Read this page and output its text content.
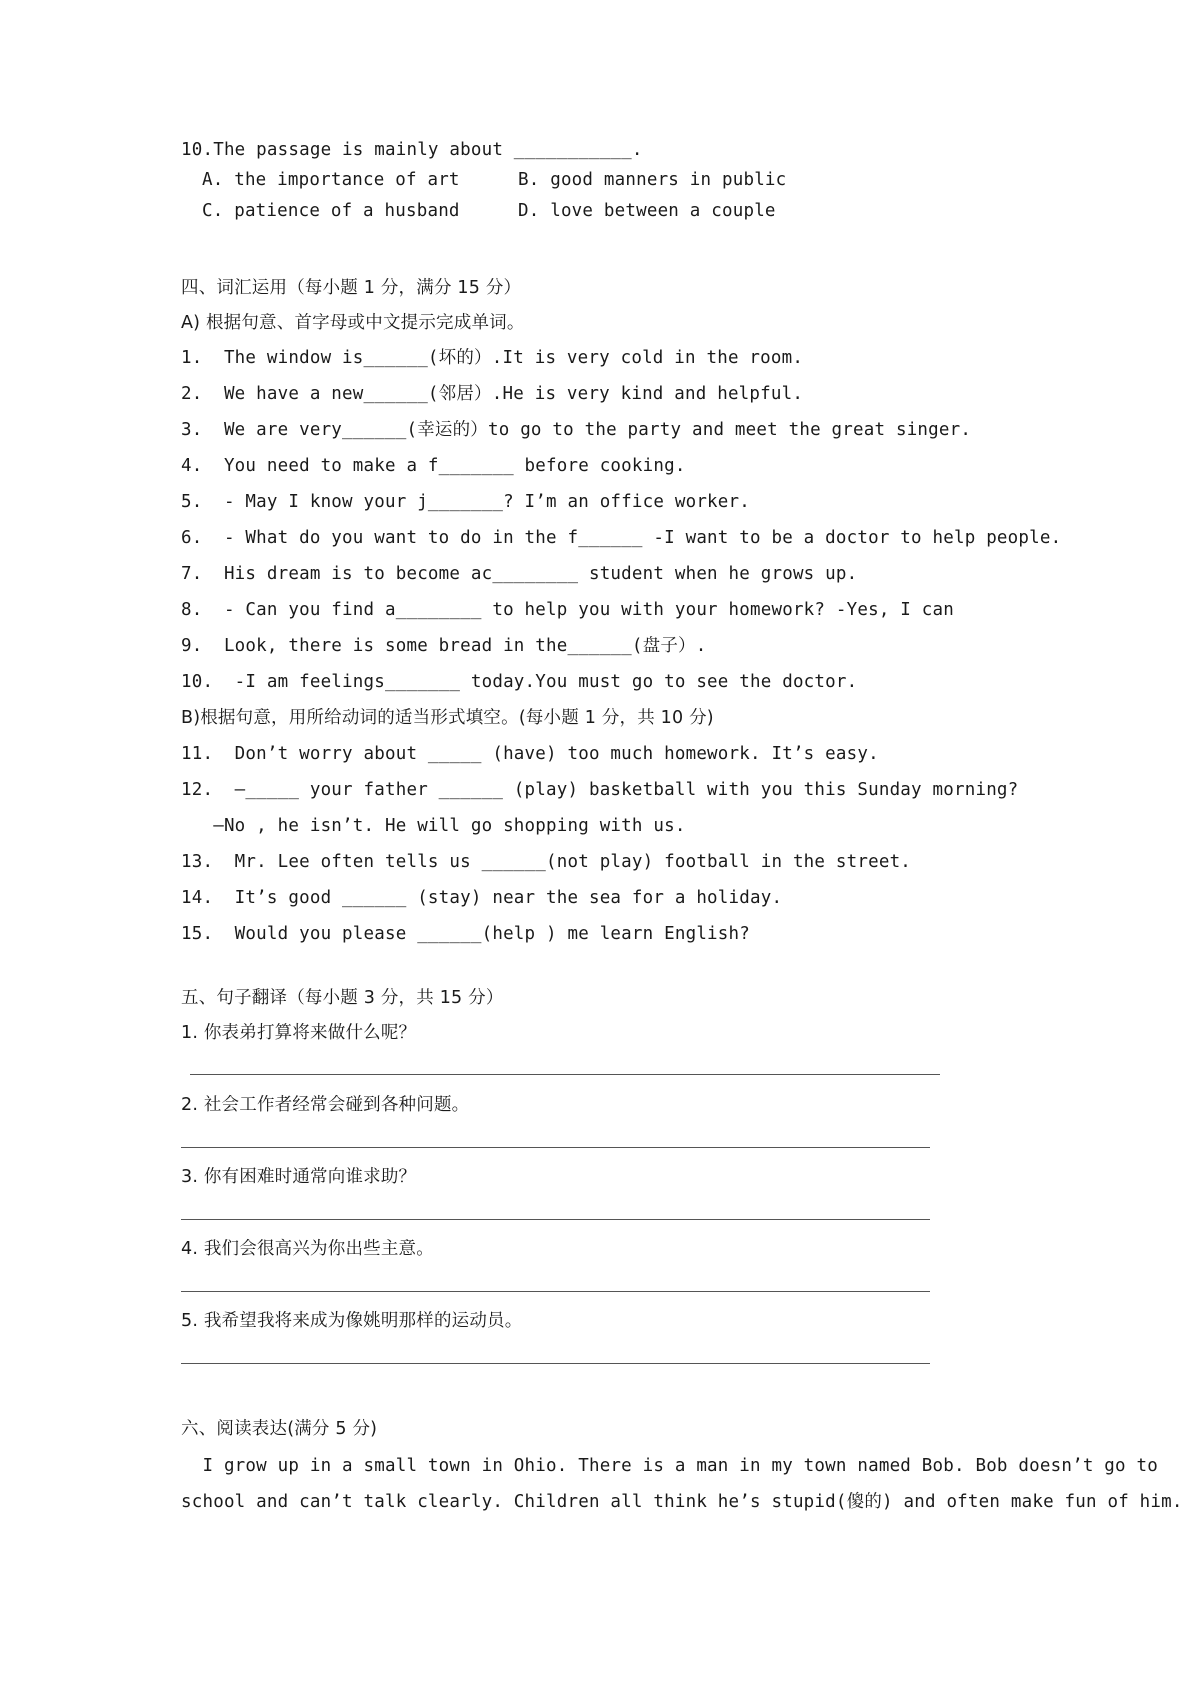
10.The passage is mainly about ___________.
A. the importance of art	B. good manners in public
C. patience of a husband	D. love between a couple
四、词汇运用（每小题 1 分，满分 15 分）
A) 根据句意、首字母或中文提示完成单词。
1.  The window is______(坏的）.It is very cold in the room.
2.  We have a new______(邻居）.He is very kind and helpful.
3.  We are very______(幸运的）to go to the party and meet the great singer.
4.  You need to make a f_______ before cooking.
5.  - May I know your j_______? I’m an office worker.
6.  - What do you want to do in the f______ -I want to be a doctor to help people.
7.  His dream is to become ac________ student when he grows up.
8.  - Can you find a________ to help you with your homework? -Yes, I can
9.  Look, there is some bread in the______(盘子）.
10.  -I am feelings_______ today.You must go to see the doctor.
B)根据句意，用所给动词的适当形式填空。(每小题 1 分，共 10 分)
11.  Don’t worry about _____ (have) too much homework. It’s easy.
12.  —_____ your father ______ (play) basketball with you this Sunday morning?
—No , he isn’t. He will go shopping with us.
13.  Mr. Lee often tells us ______(not play) football in the street.
14.  It’s good ______ (stay) near the sea for a holiday.
15.  Would you please ______(help ) me learn English?
五、句子翻译（每小题 3 分，共 15 分）
1. 你表弟打算将来做什么呢？
2. 社会工作者经常会碰到各种问题。
3. 你有困难时通常向谁求助？
4. 我们会很高兴为你出些主意。
5. 我希望我将来成为像姚明那样的运动员。
六、阅读表达(满分 5 分)
I grow up in a small town in Ohio. There is a man in my town named Bob. Bob doesn’t go to
school and can’t talk clearly. Children all think he’s stupid(傻的) and often make fun of him.
